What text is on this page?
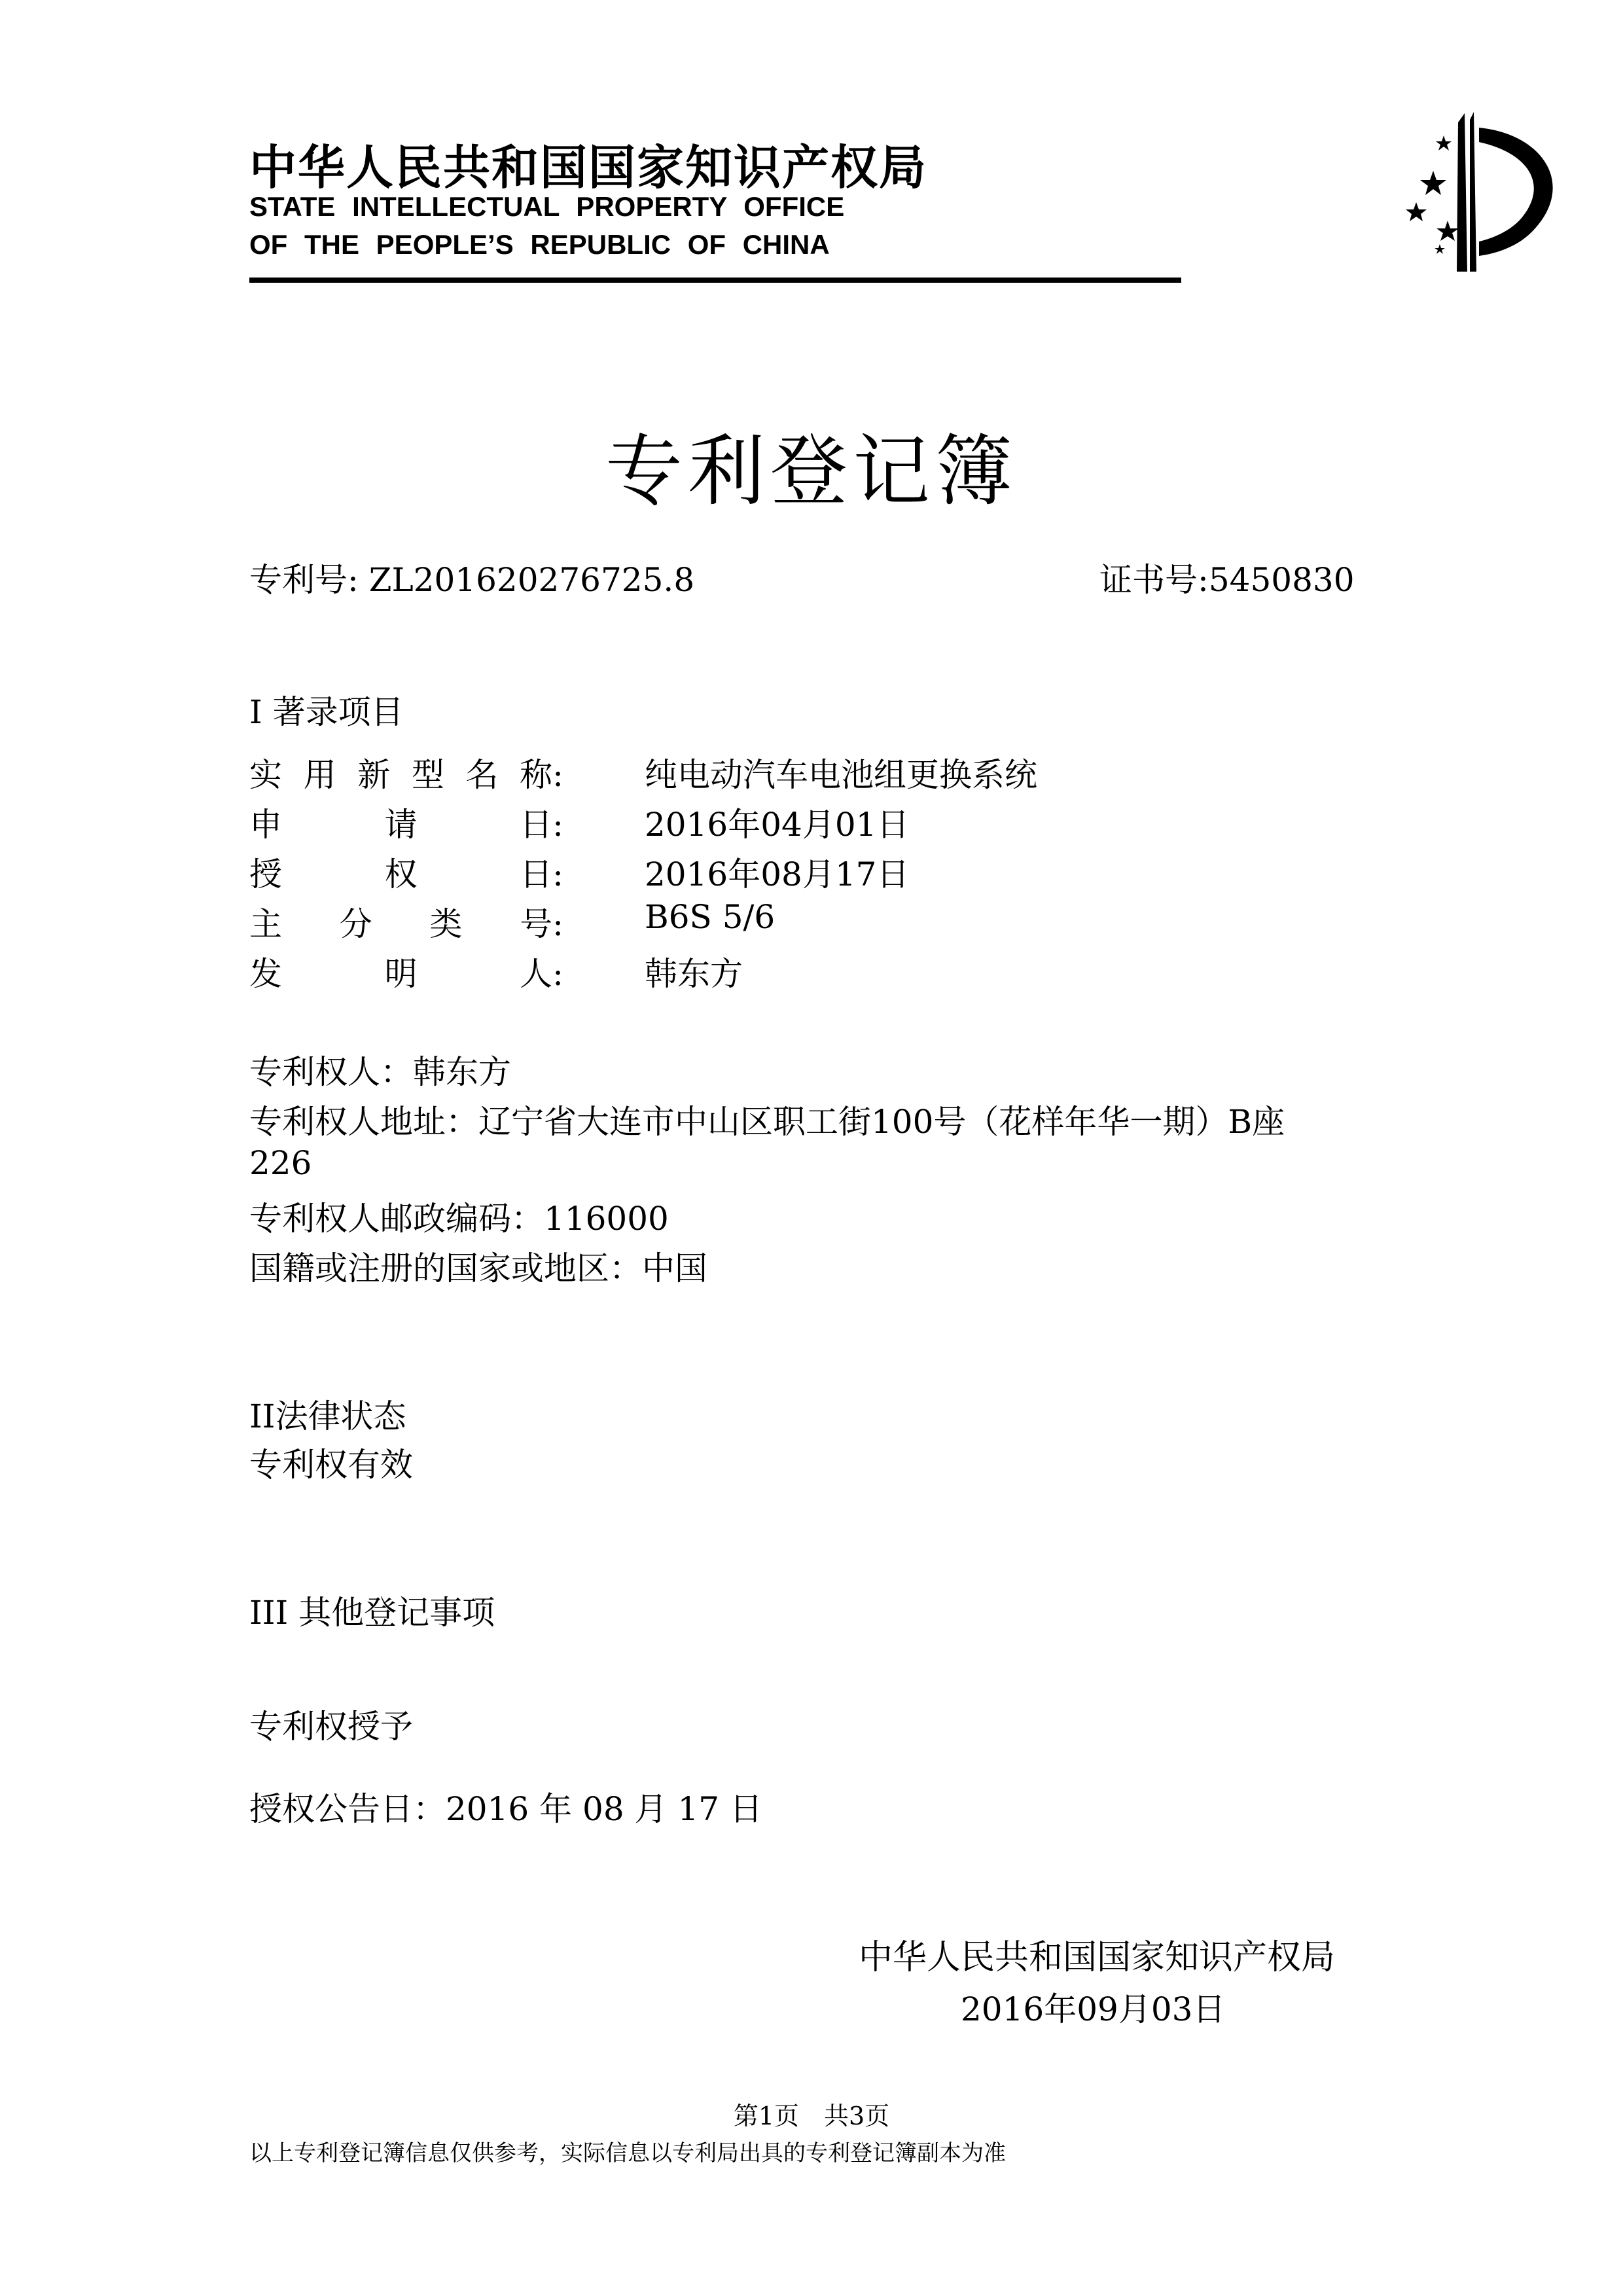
中华人民共和国国家知识产权局
STATE INTELLECTUAL PROPERTY OFFICE
OF THE PEOPLE’S REPUBLIC OF CHINA
专利登记簿
专利号: ZL201620276725.8	证书号:5450830
I 著录项目
实 用 新 型 名 称: 纯电动汽车电池组更换系统
申	请	日: 2016年04月01日
授	权	日: 2016年08月17日
主 分 类 号: B6S 5/6
发	明	人: 韩东方
专利权人：韩东方
专利权人地址：辽宁省大连市中山区职工街100号（花样年华一期）B座
226
专利权人邮政编码：116000
国籍或注册的国家或地区：中国
II法律状态
专利权有效
III 其他登记事项
专利权授予
授权公告日：2016 年 08 月 17 日
中华人民共和国国家知识产权局
2016年09月03日
第1页　共3页
以上专利登记簿信息仅供参考，实际信息以专利局出具的专利登记簿副本为准
